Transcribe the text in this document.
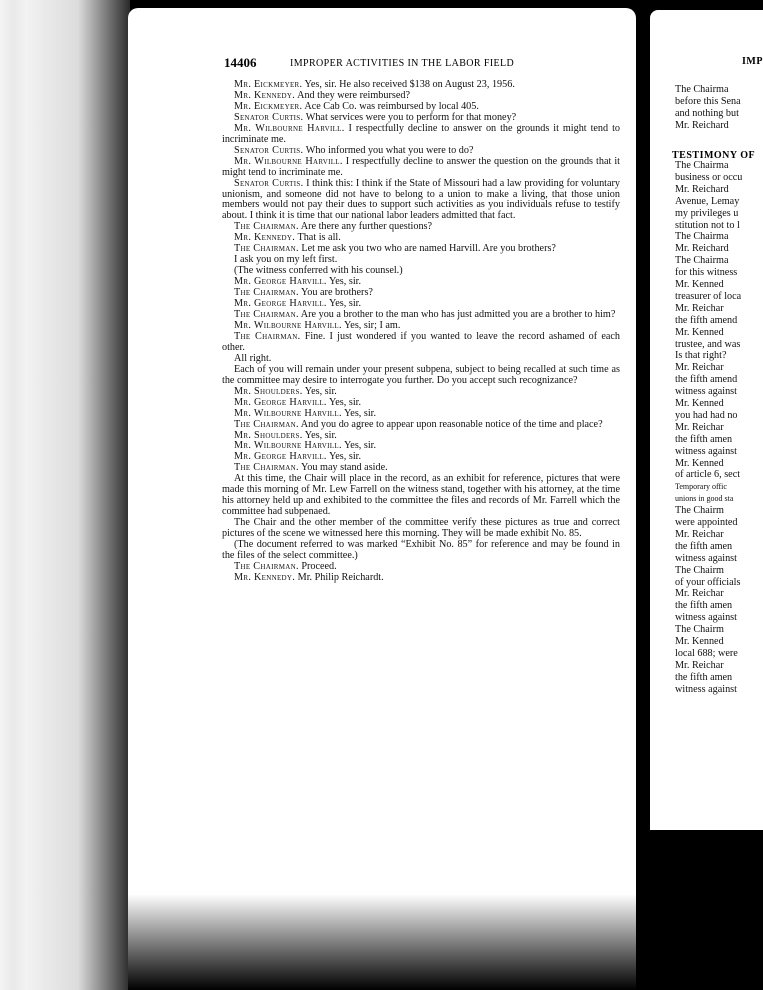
IMP
TESTIMONY OF
The Chairma
before this Sena
and nothing but
Mr. Reichard
The Chairma
business or occu
Mr. Reichard
Avenue, Lemay
my privileges u
stitution not to l
The Chairma
Mr. Reichard
The Chairma
for this witness
Mr. Kenned
treasurer of loca
Mr. Reichar
the fifth amend
Mr. Kenned
trustee, and was
Is that right?
Mr. Reichar
the fifth amend
witness against
Mr. Kenned
you had had no
Mr. Reichar
the fifth amen
witness against
Mr. Kenned
of article 6, sect
Temporary offic
unions in good sta
The Chairm
were appointed
Mr. Reichar
the fifth amen
witness against
The Chairm
of your officials
Mr. Reichar
the fifth amen
witness against
The Chairm
Mr. Kenned
local 688; were
Mr. Reichar
the fifth amen
witness against
14406	IMPROPER ACTIVITIES IN THE LABOR FIELD

Mr. Eickmeyer. Yes, sir. He also received $138 on August 23, 1956.

Mr. Kennedy. And they were reimbursed?

Mr. Eickmeyer. Ace Cab Co. was reimbursed by local 405.

Senator Curtis. What services were you to perform for that money?

Mr. Wilbourne Harvill. I respectfully decline to answer on the grounds it might tend to incriminate me.

Senator Curtis. Who informed you what you were to do?

Mr. Wilbourne Harvill. I respectfully decline to answer the question on the grounds that it might tend to incriminate me.

Senator Curtis. I think this: I think if the State of Missouri had a law providing for voluntary unionism, and someone did not have to belong to a union to make a living, that those union members would not pay their dues to support such activities as you individuals refuse to testify about. I think it is time that our national labor leaders admitted that fact.

The Chairman. Are there any further questions?

Mr. Kennedy. That is all.

The Chairman. Let me ask you two who are named Harvill. Are you brothers?

I ask you on my left first.

(The witness conferred with his counsel.)

Mr. George Harvill. Yes, sir.

The Chairman. You are brothers?

Mr. George Harvill. Yes, sir.

The Chairman. Are you a brother to the man who has just admitted you are a brother to him?

Mr. Wilbourne Harvill. Yes, sir; I am.

The Chairman. Fine. I just wondered if you wanted to leave the record ashamed of each other.

All right.

Each of you will remain under your present subpena, subject to being recalled at such time as the committee may desire to interrogate you further. Do you accept such recognizance?

Mr. Shoulders. Yes, sir.

Mr. George Harvill. Yes, sir.

Mr. Wilbourne Harvill. Yes, sir.

The Chairman. And you do agree to appear upon reasonable notice of the time and place?

Mr. Shoulders. Yes, sir.

Mr. Wilbourne Harvill. Yes, sir.

Mr. George Harvill. Yes, sir.

The Chairman. You may stand aside.

At this time, the Chair will place in the record, as an exhibit for reference, pictures that were made this morning of Mr. Lew Farrell on the witness stand, together with his attorney, at the time his attorney held up and exhibited to the committee the files and records of Mr. Farrell which the committee had subpenaed.

The Chair and the other member of the committee verify these pictures as true and correct pictures of the scene we witnessed here this morning. They will be made exhibit No. 85.

(The document referred to was marked “Exhibit No. 85” for reference and may be found in the files of the select committee.)

The Chairman. Proceed.

Mr. Kennedy. Mr. Philip Reichardt.
